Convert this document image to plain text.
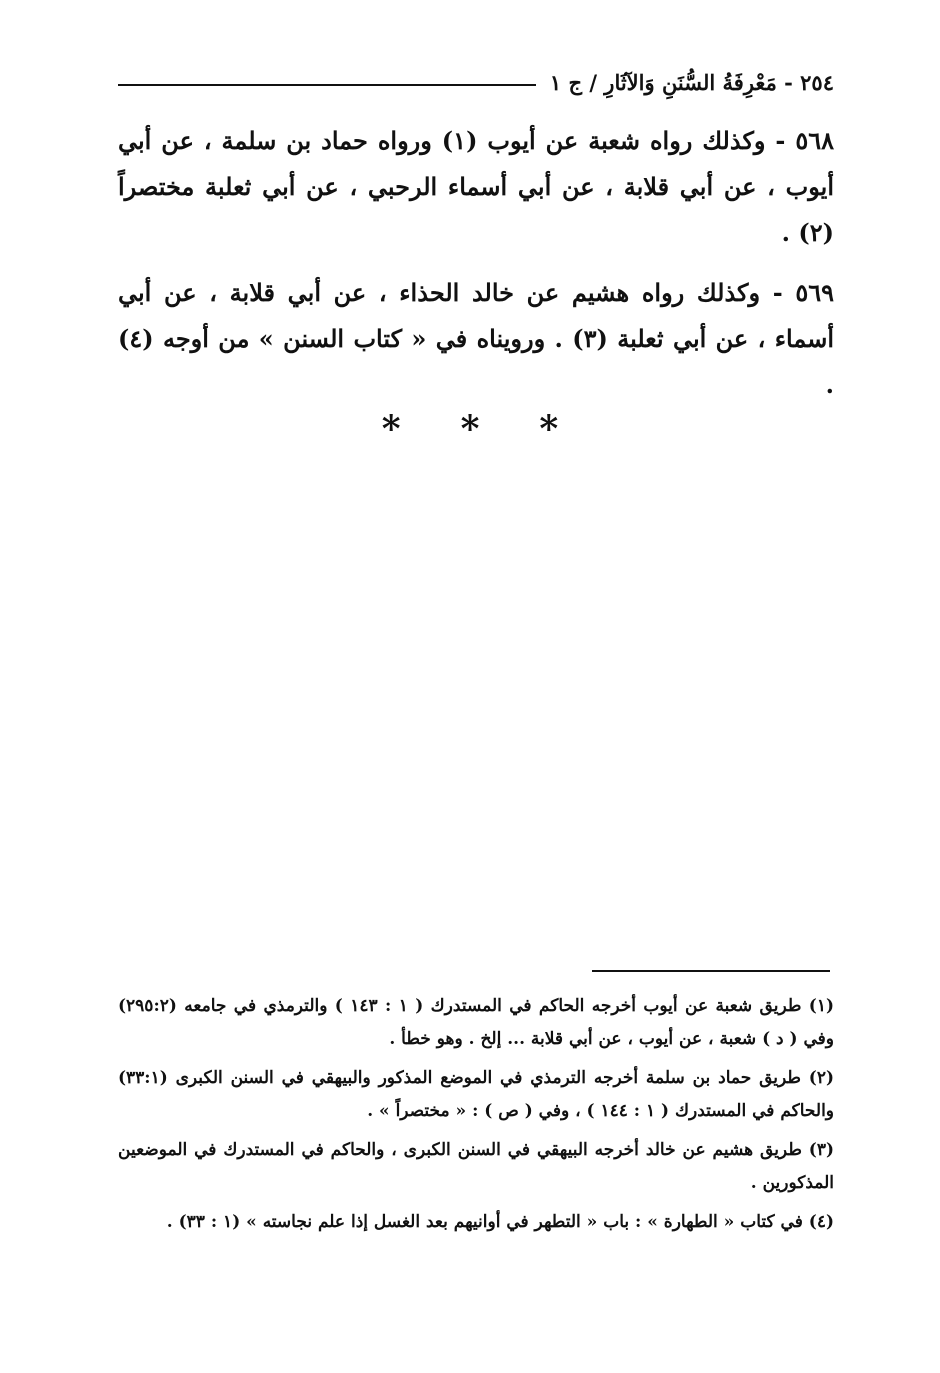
٢٥٤ - مَعْرِفَةُ السُّنَنِ وَالآثَارِ / ج ١

٥٦٨ - وكذلك رواه شعبة عن أيوب (١) ورواه حماد بن سلمة ، عن أبي أيوب ، عن أبي قلابة ، عن أبي أسماء الرحبي ، عن أبي ثعلبة مختصراً (٢) .

٥٦٩ - وكذلك رواه هشيم عن خالد الحذاء ، عن أبي قلابة ، عن أبي أسماء ، عن أبي ثعلبة (٣) . ورويناه في « كتاب السنن » من أوجه (٤) .

* * *

(١) طريق شعبة عن أيوب أخرجه الحاكم في المستدرك ( ١ : ١٤٣ ) والترمذي في جامعه (٢٩٥:٢) وفي ( د ) شعبة ، عن أيوب ، عن أبي قلابة ... إلخ . وهو خطأ .

(٢) طريق حماد بن سلمة أخرجه الترمذي في الموضع المذكور والبيهقي في السنن الكبرى (٣٣:١) والحاكم في المستدرك ( ١ : ١٤٤ ) ، وفي ( ص ) : « مختصراً » .

(٣) طريق هشيم عن خالد أخرجه البيهقي في السنن الكبرى ، والحاكم في المستدرك في الموضعين المذكورين .

(٤) في كتاب « الطهارة » : باب « التطهر في أوانيهم بعد الغسل إذا علم نجاسته » (١ : ٣٣) .
